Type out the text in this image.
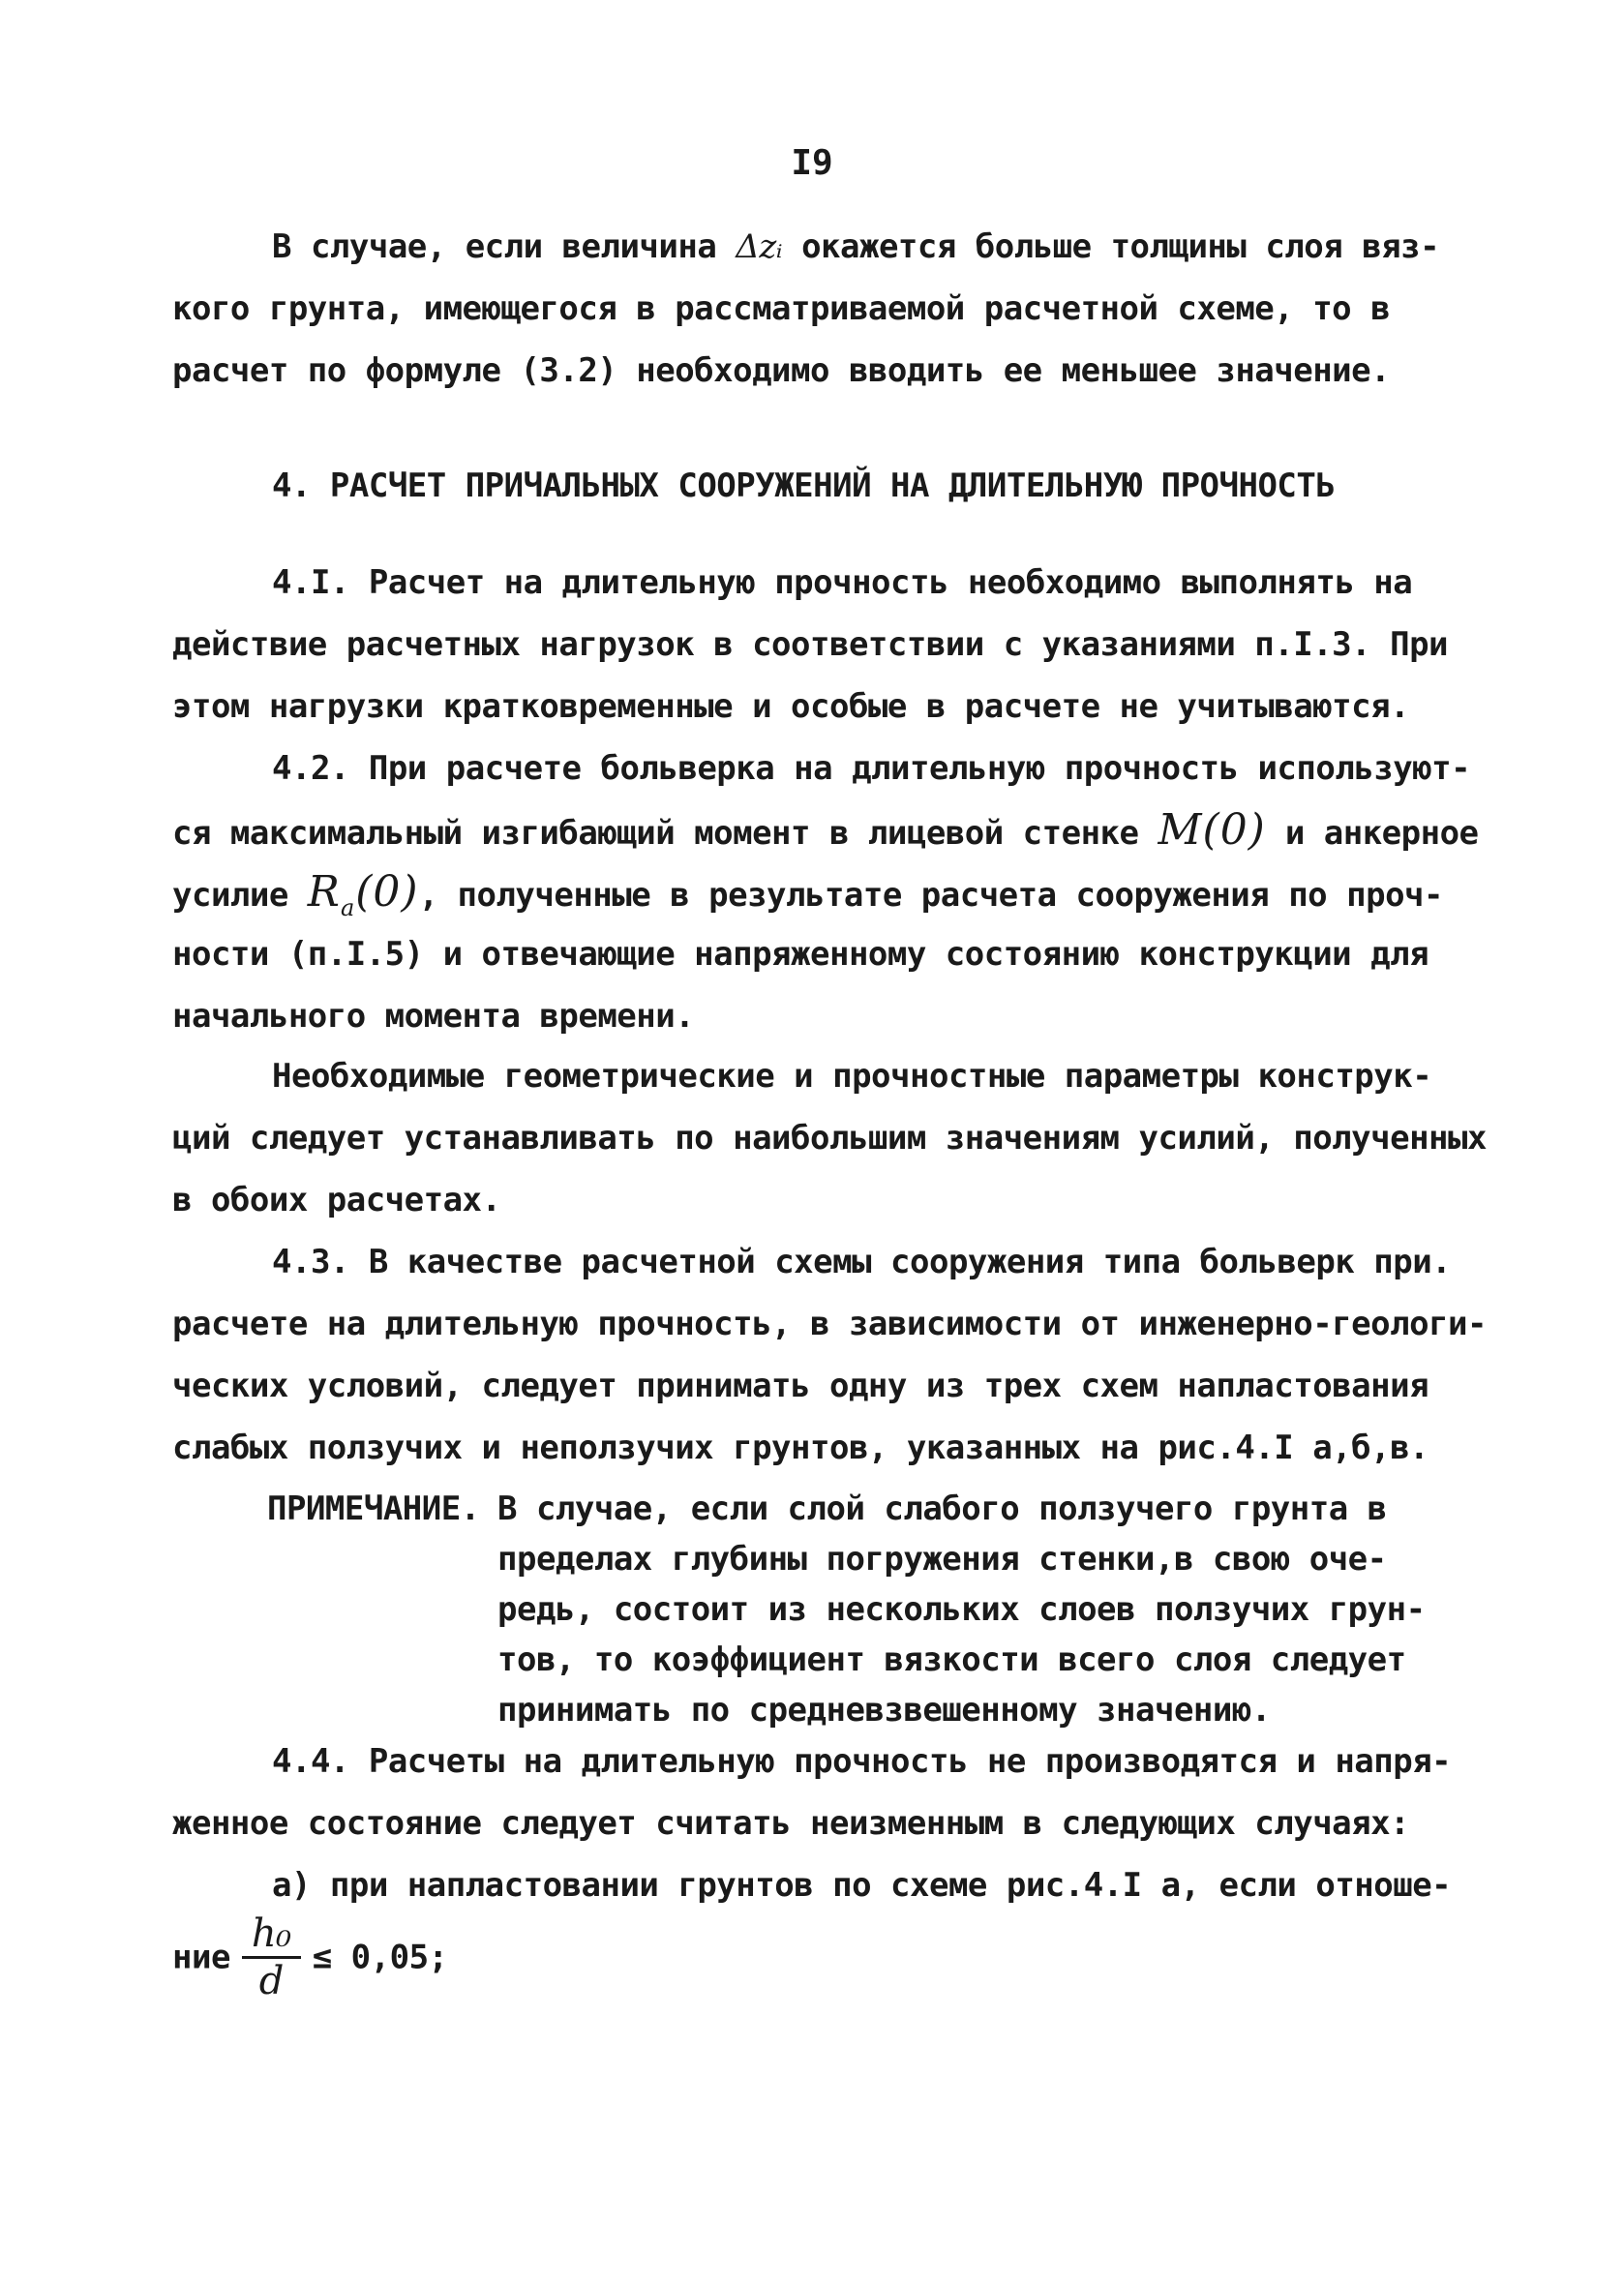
I9
В случае, если величина Δzᵢ окажется больше толщины слоя вяз-
кого грунта, имеющегося в рассматриваемой расчетной схеме, то в
расчет по формуле (3.2) необходимо вводить ее меньшее значение.
4. РАСЧЕТ ПРИЧАЛЬНЫХ СООРУЖЕНИЙ НА ДЛИТЕЛЬНУЮ ПРОЧНОСТЬ
4.I. Расчет на длительную прочность необходимо выполнять на
действие расчетных нагрузок в соответствии с указаниями п.I.3. При
этом нагрузки кратковременные и особые в расчете не учитываются.
4.2. При расчете больверка на длительную прочность используют-
ся максимальный изгибающий момент в лицевой стенке M(0) и анкерное
усилие $R_a(0)$, полученные в результате расчета сооружения по проч-
ности (п.I.5) и отвечающие напряженному состоянию конструкции для
начального момента времени.
Необходимые геометрические и прочностные параметры конструк-
ций следует устанавливать по наибольшим значениям усилий, полученных
в обоих расчетах.
4.3. В качестве расчетной схемы сооружения типа больверк при.
расчете на длительную прочность, в зависимости от инженерно-геологи-
ческих условий, следует принимать одну из трех схем напластования
слабых ползучих и неползучих грунтов, указанных на рис.4.I а,б,в.
ПРИМЕЧАНИЕ. В случае, если слой слабого ползучего грунта в
пределах глубины погружения стенки,в свою оче-
редь, состоит из нескольких слоев ползучих грун-
тов, то коэффициент вязкости всего слоя следует
принимать по средневзвешенному значению.
4.4. Расчеты на длительную прочность не производятся и напря-
женное состояние следует считать неизменным в следующих случаях:
а) при напластовании грунтов по схеме рис.4.I а, если отноше-
ние $\frac{\text{h₀}}{d} \le 0,05$;
